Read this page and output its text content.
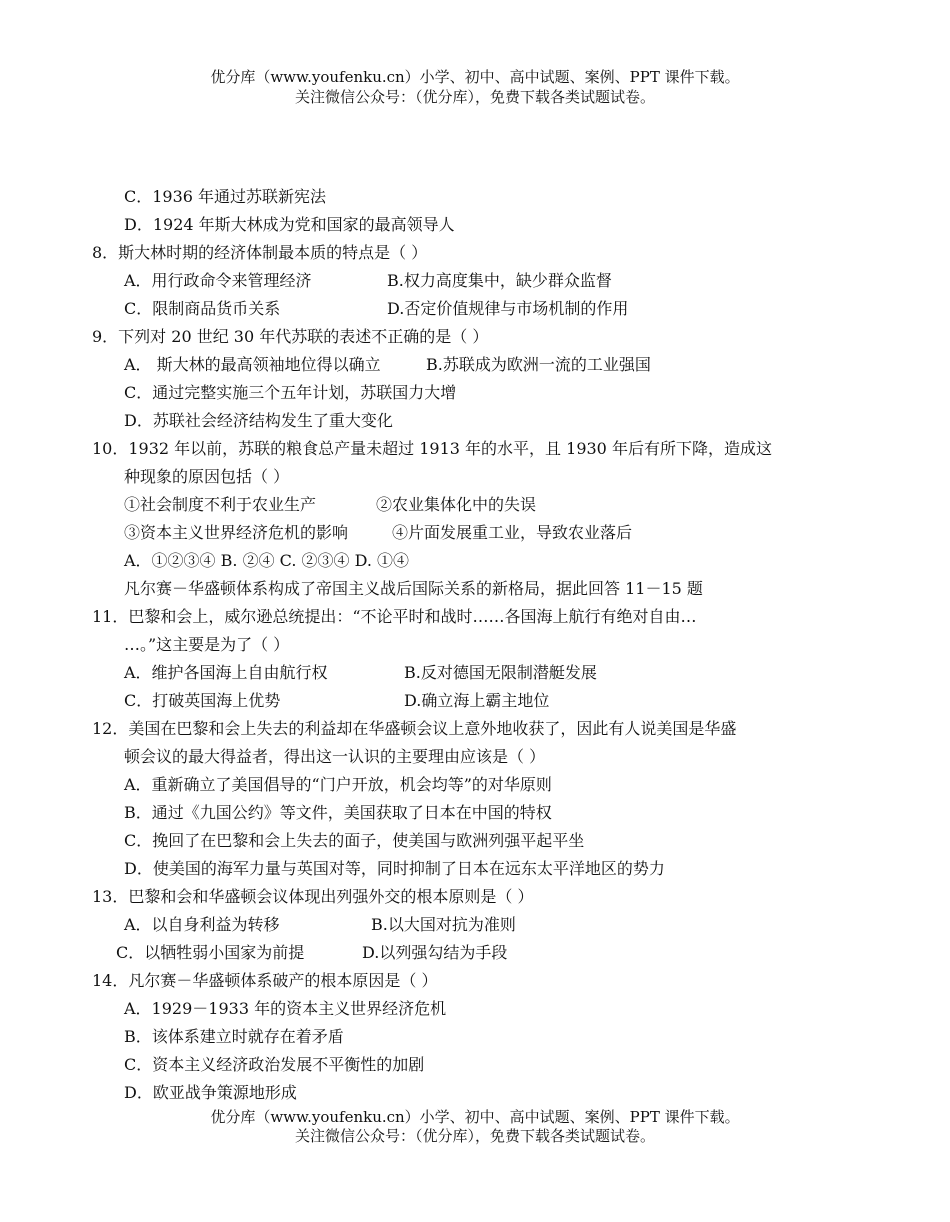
优分库（www.youfenku.cn）小学、初中、高中试题、案例、PPT 课件下载。
关注微信公众号：（优分库），免费下载各类试题试卷。
C．1936 年通过苏联新宪法
D．1924 年斯大林成为党和国家的最高领导人
8．斯大林时期的经济体制最本质的特点是（ ）
A．用行政命令来管理经济	B.权力高度集中，缺少群众监督
C．限制商品货币关系	D.否定价值规律与市场机制的作用
9．下列对 20 世纪 30 年代苏联的表述不正确的是（ ）
A． 斯大林的最高领袖地位得以确立	B.苏联成为欧洲一流的工业强国
C．通过完整实施三个五年计划，苏联国力大增
D．苏联社会经济结构发生了重大变化
10．1932 年以前，苏联的粮食总产量未超过 1913 年的水平，且 1930 年后有所下降，造成这
种现象的原因包括（ ）
①社会制度不利于农业生产	②农业集体化中的失误
③资本主义世界经济危机的影响	④片面发展重工业，导致农业落后
A．①②③④ B. ②④ C. ②③④ D. ①④
凡尔赛－华盛顿体系构成了帝国主义战后国际关系的新格局，据此回答 11－15 题
11．巴黎和会上，威尔逊总统提出：“不论平时和战时……各国海上航行有绝对自由…
…。”这主要是为了（ ）
A．维护各国海上自由航行权	B.反对德国无限制潜艇发展
C．打破英国海上优势	D.确立海上霸主地位
12．美国在巴黎和会上失去的利益却在华盛顿会议上意外地收获了，因此有人说美国是华盛
顿会议的最大得益者，得出这一认识的主要理由应该是（ ）
A．重新确立了美国倡导的“门户开放，机会均等”的对华原则
B．通过《九国公约》等文件，美国获取了日本在中国的特权
C．挽回了在巴黎和会上失去的面子，使美国与欧洲列强平起平坐
D．使美国的海军力量与英国对等，同时抑制了日本在远东太平洋地区的势力
13．巴黎和会和华盛顿会议体现出列强外交的根本原则是（ ）
A．以自身利益为转移	B.以大国对抗为准则
C．以牺牲弱小国家为前提	D.以列强勾结为手段
14．凡尔赛－华盛顿体系破产的根本原因是（ ）
A．1929－1933 年的资本主义世界经济危机
B．该体系建立时就存在着矛盾
C．资本主义经济政治发展不平衡性的加剧
D．欧亚战争策源地形成
优分库（www.youfenku.cn）小学、初中、高中试题、案例、PPT 课件下载。
关注微信公众号：（优分库），免费下载各类试题试卷。
